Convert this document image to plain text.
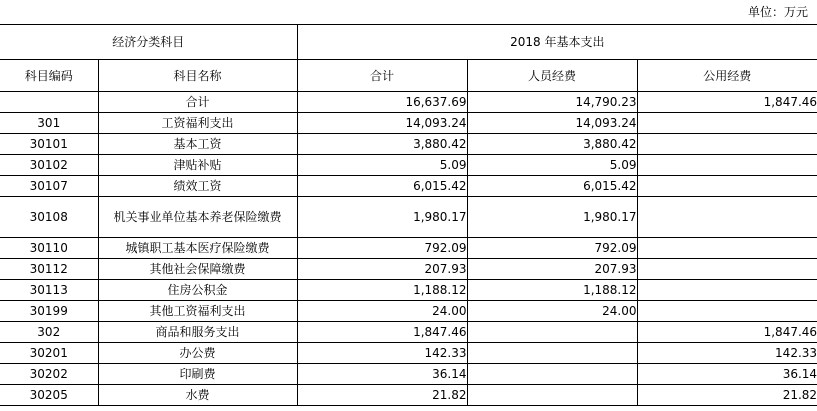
单位：万元
经济分类科目		2018 年基本支出		
科目编码	科目名称	合计	人员经费	公用经费
	合计	16,637.69	14,790.23	1,847.46
301	工资福利支出	14,093.24	14,093.24	
30101	基本工资	3,880.42	3,880.42	
30102	津贴补贴	5.09	5.09	
30107	绩效工资	6,015.42	6,015.42	
30108	机关事业单位基本养老保险缴费	1,980.17	1,980.17	
30110	城镇职工基本医疗保险缴费	792.09	792.09	
30112	其他社会保障缴费	207.93	207.93	
30113	住房公积金	1,188.12	1,188.12	
30199	其他工资福利支出	24.00	24.00	
302	商品和服务支出	1,847.46		1,847.46
30201	办公费	142.33		142.33
30202	印刷费	36.14		36.14
30205	水费	21.82		21.82
